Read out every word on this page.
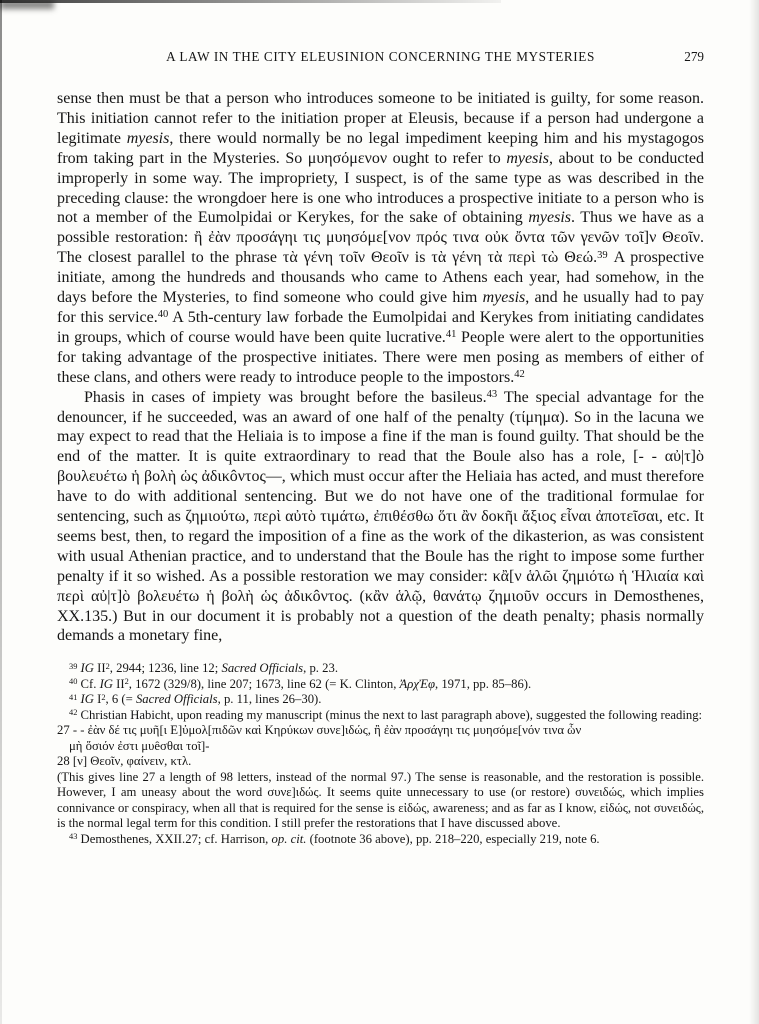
A LAW IN THE CITY ELEUSINION CONCERNING THE MYSTERIES	279

sense then must be that a person who introduces someone to be initiated is guilty, for some reason. This initiation cannot refer to the initiation proper at Eleusis, because if a person had undergone a legitimate myesis, there would normally be no legal impediment keeping him and his mystagogos from taking part in the Mysteries. So μυησόμενον ought to refer to myesis, about to be conducted improperly in some way. The impropriety, I suspect, is of the same type as was described in the preceding clause: the wrongdoer here is one who introduces a prospective initiate to a person who is not a member of the Eumolpidai or Kerykes, for the sake of obtaining myesis. Thus we have as a possible restoration: ἢ ἐὰν προσάγηι τις μυησόμε[νον πρός τινα οὐκ ὄντα τῶν γενῶν τοῖ]ν Θεοῖν. The closest parallel to the phrase τὰ γένη τοῖν Θεοῖν is τὰ γένη τὰ περὶ τὼ Θεώ.$^{39}$ A prospective initiate, among the hundreds and thousands who came to Athens each year, had somehow, in the days before the Mysteries, to find someone who could give him myesis, and he usually had to pay for this service.$^{40}$ A 5th-century law forbade the Eumolpidai and Kerykes from initiating candidates in groups, which of course would have been quite lucrative.$^{41}$ People were alert to the opportunities for taking advantage of the prospective initiates. There were men posing as members of either of these clans, and others were ready to introduce people to the impostors.$^{42}$

Phasis in cases of impiety was brought before the basileus.$^{43}$ The special advantage for the denouncer, if he succeeded, was an award of one half of the penalty (τίμημα). So in the lacuna we may expect to read that the Heliaia is to impose a fine if the man is found guilty. That should be the end of the matter. It is quite extraordinary to read that the Boule also has a role, [- - αὐ|τ]ὸ βουλευέτω ἡ βολὴ ὡς ἀδικôντος—, which must occur after the Heliaia has acted, and must therefore have to do with additional sentencing. But we do not have one of the traditional formulae for sentencing, such as ζημιούτω, περὶ αὐτὸ τιμάτω, ἐπιθέσθω ὅτι ἂν δοκῆι ἄξιος εἶναι ἀποτεῖσαι, etc. It seems best, then, to regard the imposition of a fine as the work of the dikasterion, as was consistent with usual Athenian practice, and to understand that the Boule has the right to impose some further penalty if it so wished. As a possible restoration we may consider: κἂ[ν ἁλῶι ζημιότω ἡ Ἡλιαία καὶ περὶ αὐ|τ]ὸ βολευέτω ἡ βολὴ ὡς ἀδικôντος. (κἂν ἁλῷ, θανάτῳ ζημιοῦν occurs in Demosthenes, XX.135.) But in our document it is probably not a question of the death penalty; phasis normally demands a monetary fine,

$^{39}$ IG $II^2$, 2944; 1236, line 12; Sacred Officials, p. 23.

$^{40}$ Cf. IG $II^2$, 1672 (329/8), line 207; 1673, line 62 (= K. Clinton, ἈρχἘφ, 1971, pp. 85–86).

$^{41}$ IG $I^2$, 6 (= Sacred Officials, p. 11, lines 26–30).

$^{42}$ Christian Habicht, upon reading my manuscript (minus the next to last paragraph above), suggested the following reading:

27 - - ἐὰν δέ τις μυῆ[ι Ε]ὐμολ[πιδῶν καὶ Κηρύκων συνε]ιδώς, ἢ ἐὰν προσάγηι τις μυησόμε[νόν τινα ὧν
μὴ ὅσιόν ἐστι μυêσθαι τοῖ]-

28 [ν] Θεοῖν, φαίνειν, κτλ.

(This gives line 27 a length of 98 letters, instead of the normal 97.) The sense is reasonable, and the restoration is possible. However, I am uneasy about the word συνε]ιδώς. It seems quite unnecessary to use (or restore) συνειδώς, which implies connivance or conspiracy, when all that is required for the sense is εἰδώς, awareness; and as far as I know, εἰδώς, not συνειδώς, is the normal legal term for this condition. I still prefer the restorations that I have discussed above.

$^{43}$ Demosthenes, XXII.27; cf. Harrison, op. cit. (footnote 36 above), pp. 218–220, especially 219, note 6.
